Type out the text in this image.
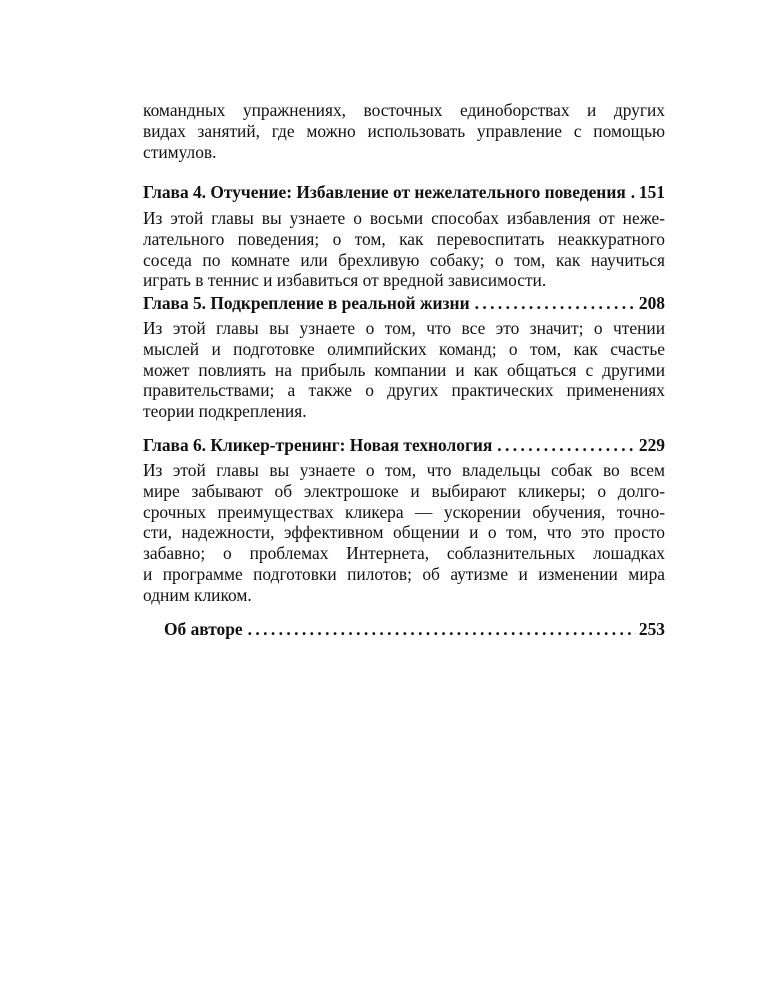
командных упражнениях, восточных единоборствах и других

видах занятий, где можно использовать управление с помощью

стимулов.

Глава 4. Отучение: Избавление от нежелательного поведения ..... 151

Из этой главы вы узнаете о восьми способах избавления от неже-

лательного поведения; о том, как перевоспитать неаккуратного

соседа по комнате или брехливую собаку; о том, как научиться

играть в теннис и избавиться от вредной зависимости.

Глава 5. Подкрепление в реальной жизни .....	208

Из этой главы вы узнаете о том, что все это значит; о чтении

мыслей и подготовке олимпийских команд; о том, как счастье

может повлиять на прибыль компании и как общаться с другими

правительствами; а также о других практических применениях

теории подкрепления.

Глава 6. Кликер-тренинг: Новая технология .....	229

Из этой главы вы узнаете о том, что владельцы собак во всем

мире забывают об электрошоке и выбирают кликеры; о долго-

срочных преимуществах кликера — ускорении обучения, точно-

сти, надежности, эффективном общении и о том, что это просто

забавно; о проблемах Интернета, соблазнительных лошадках

и программе подготовки пилотов; об аутизме и изменении мира

одним кликом.

Об авторе .....	253
